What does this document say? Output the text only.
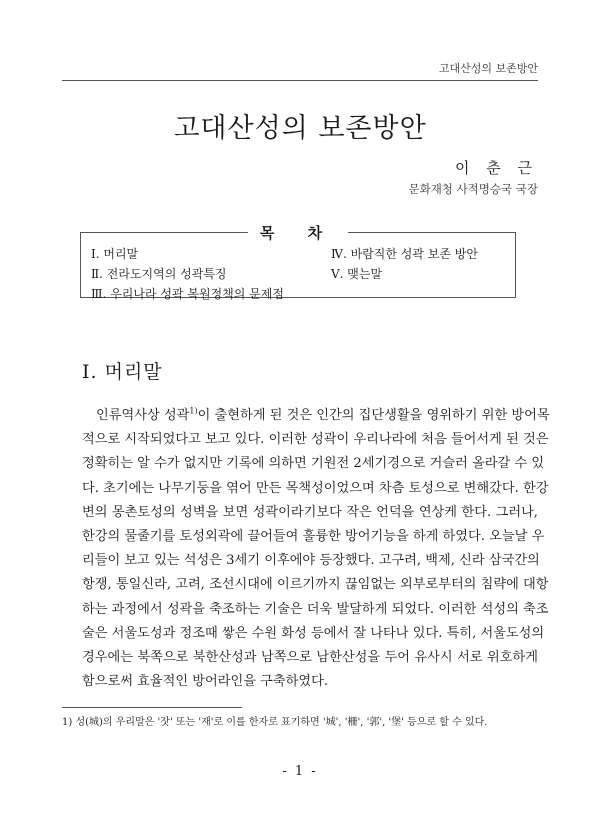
고대산성의 보존방안
고대산성의 보존방안
이 춘 근
문화재청 사적명승국 국장
목 차
Ⅰ. 머리말
Ⅱ. 전라도지역의 성곽특징
Ⅲ. 우리나라 성곽 복원정책의 문제점
Ⅳ. 바람직한 성곽 보존 방안
Ⅴ. 맺는말
Ⅰ. 머리말
인류역사상 성곽$^{1)}$이 출현하게 된 것은 인간의 집단생활을 영위하기 위한 방어목
적으로 시작되었다고 보고 있다. 이러한 성곽이 우리나라에 처음 들어서게 된 것은
정확히는 알 수가 없지만 기록에 의하면 기원전 2세기경으로 거슬러 올라갈 수 있
다. 초기에는 나무기둥을 엮어 만든 목책성이었으며 차츰 토성으로 변해갔다. 한강
변의 몽촌토성의 성벽을 보면 성곽이라기보다 작은 언덕을 연상케 한다. 그러나,
한강의 물줄기를 토성외곽에 끌어들여 훌륭한 방어기능을 하게 하였다. 오늘날 우
리들이 보고 있는 석성은 3세기 이후에야 등장했다. 고구려, 백제, 신라 삼국간의
항쟁, 통일신라, 고려, 조선시대에 이르기까지 끊임없는 외부로부터의 침략에 대항
하는 과정에서 성곽을 축조하는 기술은 더욱 발달하게 되었다. 이러한 석성의 축조
술은 서울도성과 정조때 쌓은 수원 화성 등에서 잘 나타나 있다. 특히, 서울도성의
경우에는 북쪽으로 북한산성과 남쪽으로 남한산성을 두어 유사시 서로 위호하게
함으로써 효율적인 방어라인을 구축하였다.
1) 성(城)의 우리말은 '잣' 또는 '재'로 이를 한자로 표기하면 '城', '柵', '郭', '堡' 등으로 할 수 있다.
- 1 -
